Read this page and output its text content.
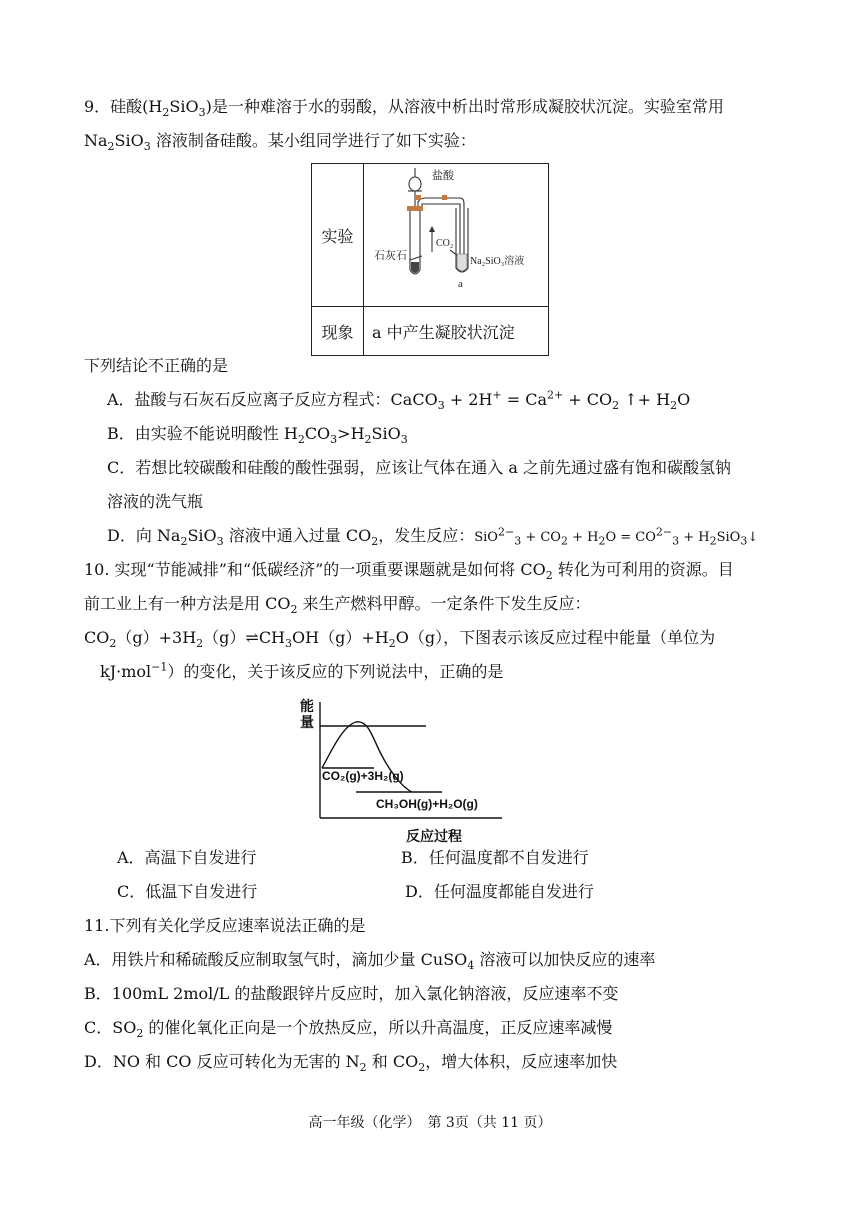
9．硅酸$(H_2SiO_3)$是一种难溶于水的弱酸，从溶液中析出时常形成凝胶状沉淀。实验室常用
$Na_2SiO_3$ 溶液制备硅酸。某小组同学进行了如下实验：
实验	盐酸
石灰石
CO₂
Na₂SiO₃溶液
a

现象	a 中产生凝胶状沉淀
下列结论不正确的是
A．盐酸与石灰石反应离子反应方程式：CaCO$_3$ + $2H^+ = Ca^{2+} + CO_2$ ↑+ $H_2O$
B．由实验不能说明酸性 $H_2CO_3>H_2SiO_3$
C．若想比较碳酸和硅酸的酸性强弱，应该让气体在通入 a 之前先通过盛有饱和碳酸氢钠
溶液的洗气瓶
D．向 $Na_2SiO_3$ 溶液中通入过量 $CO_2$，发生反应：$SiO^{2-}_3 + CO_2 + H_2O = CO^{2-}_3$ + $H_2SiO_3↓$
10. 实现“节能减排”和“低碳经济”的一项重要课题就是如何将 $CO_2$ 转化为可利用的资源。目
前工业上有一种方法是用 $CO_2$ 来生产燃料甲醇。一定条件下发生反应：
$CO_2(g)+3H_2(g)\rightleftharpoons CH_3OH(g)+H_2O(g)$，下图表示该反应过程中能量（单位为
kJ·mol$^{-1}$）的变化，关于该反应的下列说法中，正确的是
能
量
反应过程
CO₂(g)+3H₂(g)
CH₃OH(g)+H₂O(g)
A．高温下自发进行	B．任何温度都不自发进行
C．低温下自发进行	D．任何温度都能自发进行
11.下列有关化学反应速率说法正确的是
A．用铁片和稀硫酸反应制取氢气时，滴加少量 CuSO$_4$ 溶液可以加快反应的速率
B．100mL 2mol/L 的盐酸跟锌片反应时，加入氯化钠溶液，反应速率不变
C．$SO_2$ 的催化氧化正向是一个放热反应，所以升高温度，正反应速率减慢
D．NO 和 CO 反应可转化为无害的 $N_2$ 和 $CO_2$，增大体积，反应速率加快
高一年级（化学）　第 3页（共 11 页）
